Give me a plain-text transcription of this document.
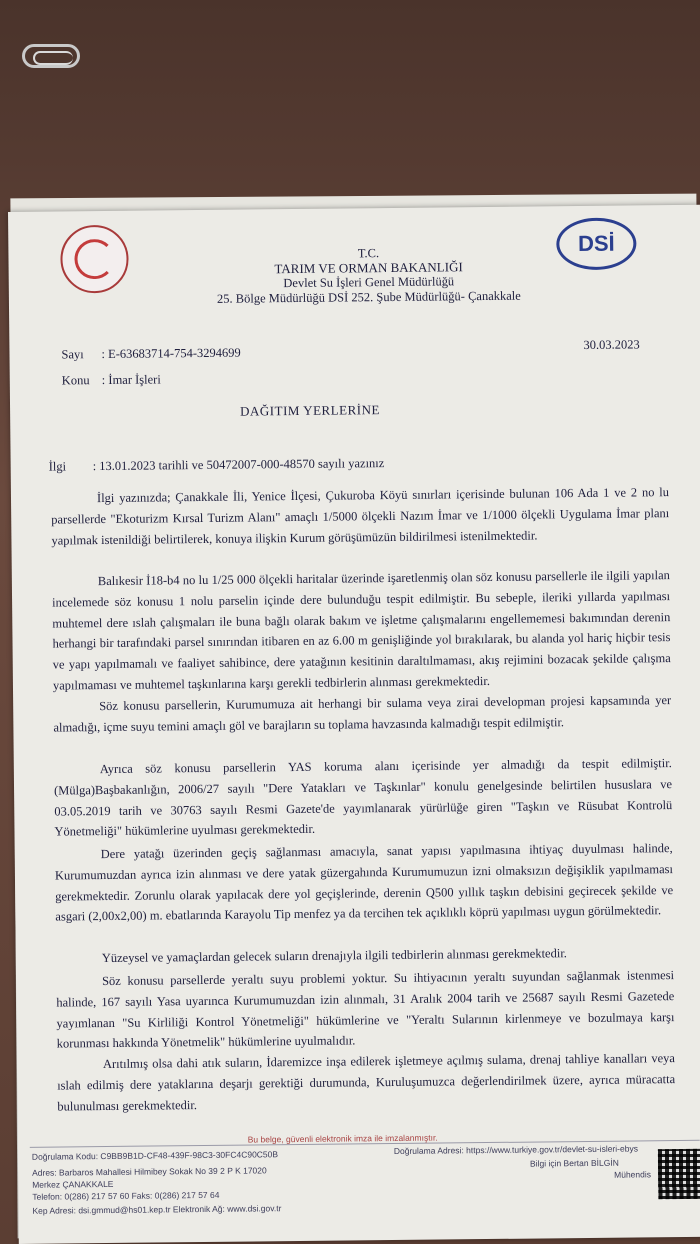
DSİ
T.C.
TARIM VE ORMAN BAKANLIĞI
Devlet Su İşleri Genel Müdürlüğü
25. Bölge Müdürlüğü DSİ 252. Şube Müdürlüğü- Çanakkale
Sayı : E-63683714-754-3294699
30.03.2023
Konu : İmar İşleri
DAĞITIM YERLERİNE
İlgi : 13.01.2023 tarihli ve 50472007-000-48570 sayılı yazınız
İlgi yazınızda; Çanakkale İli, Yenice İlçesi, Çukuroba Köyü sınırları içerisinde bulunan 106 Ada 1 ve 2 no lu parsellerde "Ekoturizm Kırsal Turizm Alanı" amaçlı 1/5000 ölçekli Nazım İmar ve 1/1000 ölçekli Uygulama İmar planı yapılmak istenildiği belirtilerek, konuya ilişkin Kurum görüşümüzün bildirilmesi istenilmektedir.
Balıkesir İ18-b4 no lu 1/25 000 ölçekli haritalar üzerinde işaretlenmiş olan söz konusu parsellerle ile ilgili yapılan incelemede söz konusu 1 nolu parselin içinde dere bulunduğu tespit edilmiştir. Bu sebeple, ileriki yıllarda yapılması muhtemel dere ıslah çalışmaları ile buna bağlı olarak bakım ve işletme çalışmalarını engellememesi bakımından derenin herhangi bir tarafındaki parsel sınırından itibaren en az 6.00 m genişliğinde yol bırakılarak, bu alanda yol hariç hiçbir tesis ve yapı yapılmamalı ve faaliyet sahibince, dere yatağının kesitinin daraltılmaması, akış rejimini bozacak şekilde çalışma yapılmaması ve muhtemel taşkınlarına karşı gerekli tedbirlerin alınması gerekmektedir.
Söz konusu parsellerin, Kurumumuza ait herhangi bir sulama veya zirai developman projesi kapsamında yer almadığı, içme suyu temini amaçlı göl ve barajların su toplama havzasında kalmadığı tespit edilmiştir.
Ayrıca söz konusu parsellerin YAS koruma alanı içerisinde yer almadığı da tespit edilmiştir. (Mülga)Başbakanlığın, 2006/27 sayılı "Dere Yatakları ve Taşkınlar" konulu genelgesinde belirtilen hususlara ve 03.05.2019 tarih ve 30763 sayılı Resmi Gazete'de yayımlanarak yürürlüğe giren "Taşkın ve Rüsubat Kontrolü Yönetmeliği" hükümlerine uyulması gerekmektedir.
Dere yatağı üzerinden geçiş sağlanması amacıyla, sanat yapısı yapılmasına ihtiyaç duyulması halinde, Kurumumuzdan ayrıca izin alınması ve dere yatak güzergahında Kurumumuzun izni olmaksızın değişiklik yapılmaması gerekmektedir. Zorunlu olarak yapılacak dere yol geçişlerinde, derenin Q500 yıllık taşkın debisini geçirecek şekilde ve asgari (2,00x2,00) m. ebatlarında Karayolu Tip menfez ya da tercihen tek açıklıklı köprü yapılması uygun görülmektedir.
Yüzeysel ve yamaçlardan gelecek suların drenajıyla ilgili tedbirlerin alınması gerekmektedir.
Söz konusu parsellerde yeraltı suyu problemi yoktur. Su ihtiyacının yeraltı suyundan sağlanmak istenmesi halinde, 167 sayılı Yasa uyarınca Kurumumuzdan izin alınmalı, 31 Aralık 2004 tarih ve 25687 sayılı Resmi Gazetede yayımlanan "Su Kirliliği Kontrol Yönetmeliği" hükümlerine ve "Yeraltı Sularının kirlenmeye ve bozulmaya karşı korunması hakkında Yönetmelik" hükümlerine uyulmalıdır.
Arıtılmış olsa dahi atık suların, İdaremizce inşa edilerek işletmeye açılmış sulama, drenaj tahliye kanalları veya ıslah edilmiş dere yataklarına deşarjı gerektiği durumunda, Kuruluşumuzca değerlendirilmek üzere, ayrıca müracatta bulunulması gerekmektedir.
Bu belge, güvenli elektronik imza ile imzalanmıştır.
Doğrulama Kodu: C9BB9B1D-CF48-439F-98C3-30FC4C90C50B	Doğrulama Adresi: https://www.turkiye.gov.tr/devlet-su-isleri-ebys
Adres: Barbaros Mahallesi Hilmibey Sokak No 39 2 P K 17020
Merkez ÇANAKKALE
Telefon: 0(286) 217 57 60 Faks: 0(286) 217 57 64
Kep Adresi: dsi.gmmud@hs01.kep.tr Elektronik Ağ: www.dsi.gov.tr
Bilgi için Bertan BİLGİN
Mühendis
